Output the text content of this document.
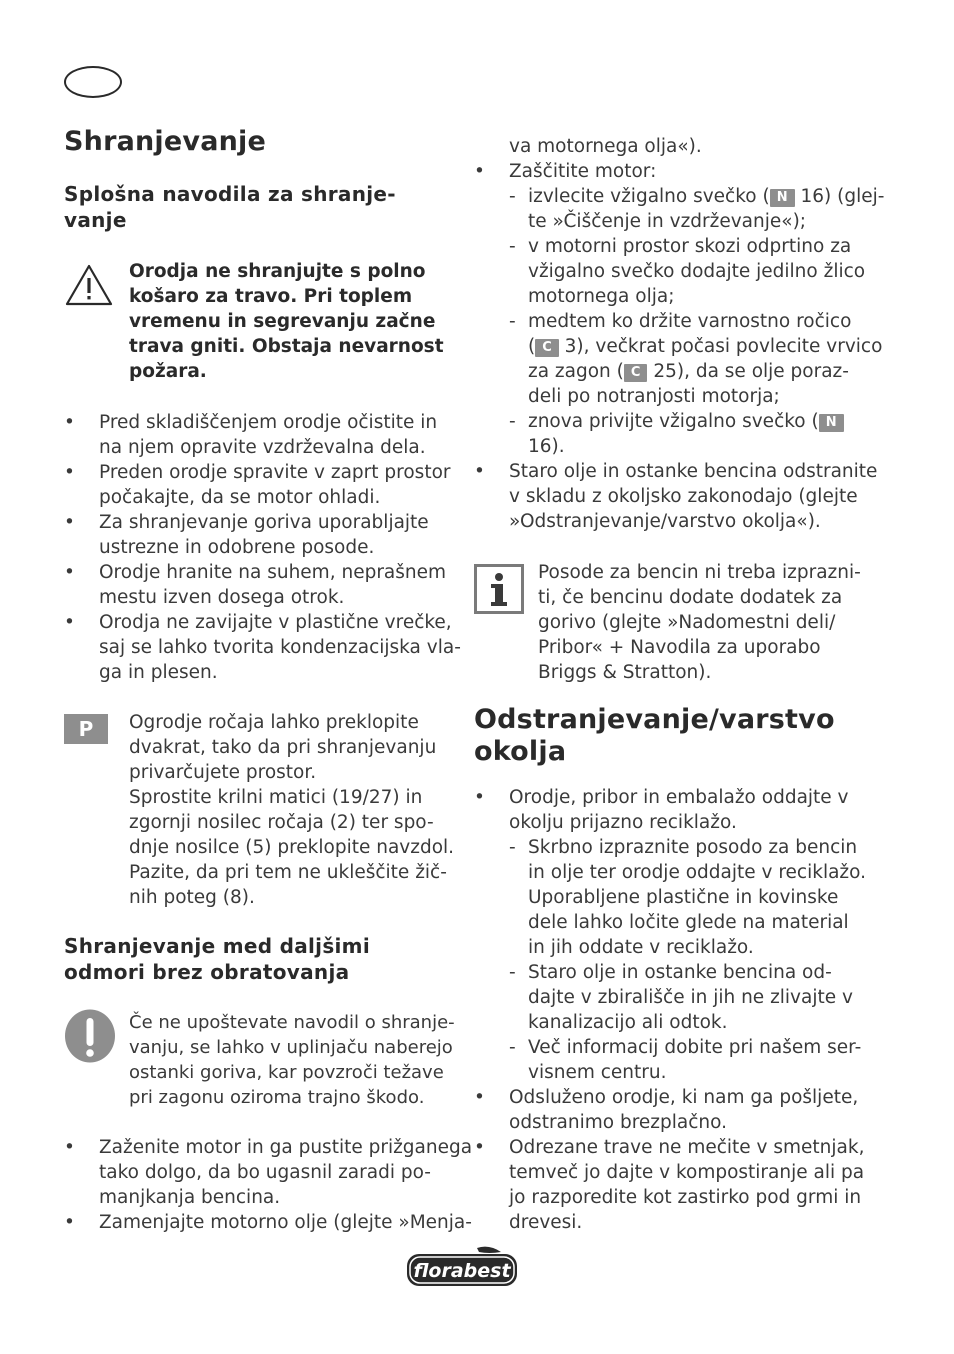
Shranjevanje
Splošna navodila za shranje-
vanje
Orodja ne shranjujte s polno
košaro za travo. Pri toplem
vremenu in segrevanju začne
trava gniti. Obstaja nevarnost
požara.
• Pred skladiščenjem orodje očistite in
na njem opravite vzdrževalna dela.
• Preden orodje spravite v zaprt prostor
počakajte, da se motor ohladi.
• Za shranjevanje goriva uporabljajte
ustrezne in odobrene posode.
• Orodje hranite na suhem, neprašnem
mestu izven dosega otrok.
• Orodja ne zavijajte v plastične vrečke,
saj se lahko tvorita kondenzacijska vla-
ga in plesen.
P	Ogrodje ročaja lahko preklopite
dvakrat, tako da pri shranjevanju
privarčujete prostor.
Sprostite krilni matici (19/27) in
zgornji nosilec ročaja (2) ter spo-
dnje nosilce (5) preklopite navzdol.
Pazite, da pri tem ne ukleščite žič-
nih poteg (8).
Shranjevanje med daljšimi
odmori brez obratovanja
Če ne upoštevate navodil o shranje-
vanju, se lahko v uplinjaču naberejo
ostanki goriva, kar povzroči težave
pri zagonu oziroma trajno škodo.
• Zaženite motor in ga pustite prižganega
tako dolgo, da bo ugasnil zaradi po-
manjkanja bencina.
• Zamenjajte motorno olje (glejte »Menja-
va motornega olja«).
• Zaščitite motor:
- izvlecite vžigalno svečko ( N 16) (glej-
te »Čiščenje in vzdrževanje«);
- v motorni prostor skozi odprtino za
vžigalno svečko dodajte jedilno žlico
motornega olja;
- medtem ko držite varnostno ročico
( C 3), večkrat počasi povlecite vrvico
za zagon ( C 25), da se olje poraz-
deli po notranjosti motorja;
- znova privijte vžigalno svečko ( N
16).
• Staro olje in ostanke bencina odstranite
v skladu z okoljsko zakonodajo (glejte
»Odstranjevanje/varstvo okolja«).
Posode za bencin ni treba izprazni-
ti, če bencinu dodate dodatek za
gorivo (glejte »Nadomestni deli/
Pribor« + Navodila za uporabo
Briggs & Stratton).
Odstranjevanje/varstvo
okolja
• Orodje, pribor in embalažo oddajte v
okolju prijazno reciklažo.
- Skrbno izpraznite posodo za bencin
in olje ter orodje oddajte v reciklažo.
Uporabljene plastične in kovinske
dele lahko ločite glede na material
in jih oddate v reciklažo.
- Staro olje in ostanke bencina od-
dajte v zbirališče in jih ne zlivajte v
kanalizacijo ali odtok.
- Več informacij dobite pri našem ser-
visnem centru.
• Odsluženo orodje, ki nam ga pošljete,
odstranimo brezplačno.
• Odrezane trave ne mečite v smetnjak,
temveč jo dajte v kompostiranje ali pa
jo razporedite kot zastirko pod grmi in
drevesi.
florabest
